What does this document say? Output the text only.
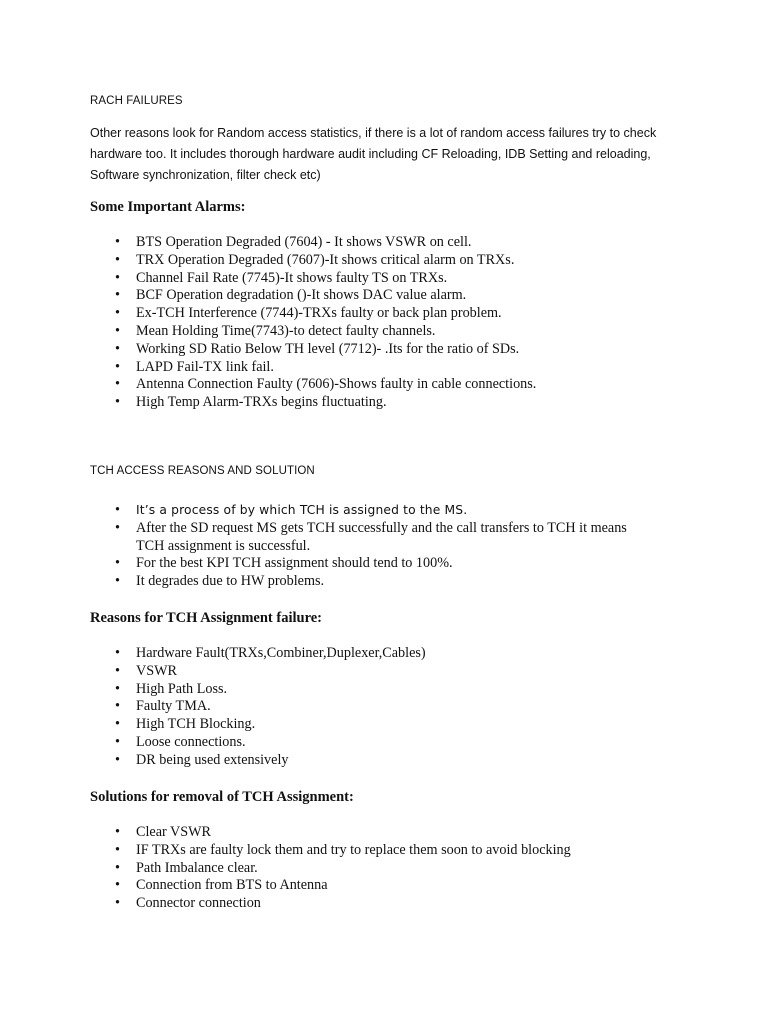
RACH FAILURES

Other reasons look for Random access statistics, if there is a lot of random access failures try to check

hardware too. It includes thorough hardware audit including CF Reloading, IDB Setting and reloading,

Software synchronization, filter check etc)

Some Important Alarms:
• BTS Operation Degraded (7604) - It shows VSWR on cell.
• TRX Operation Degraded (7607)-It shows critical alarm on TRXs.
• Channel Fail Rate (7745)-It shows faulty TS on TRXs.
• BCF Operation degradation ()-It shows DAC value alarm.
• Ex-TCH Interference (7744)-TRXs faulty or back plan problem.
• Mean Holding Time(7743)-to detect faulty channels.
• Working SD Ratio Below TH level (7712)- .Its for the ratio of SDs.
• LAPD Fail-TX link fail.
• Antenna Connection Faulty (7606)-Shows faulty in cable connections.
• High Temp Alarm-TRXs begins fluctuating.
TCH ACCESS REASONS AND SOLUTION
• It’s a process of by which TCH is assigned to the MS.
• After the SD request MS gets TCH successfully and the call transfers to TCH it means
TCH assignment is successful.
• For the best KPI TCH assignment should tend to 100%.
• It degrades due to HW problems.
Reasons for TCH Assignment failure:
• Hardware Fault(TRXs,Combiner,Duplexer,Cables)
• VSWR
• High Path Loss.
• Faulty TMA.
• High TCH Blocking.
• Loose connections.
• DR being used extensively
Solutions for removal of TCH Assignment:
• Clear VSWR
• IF TRXs are faulty lock them and try to replace them soon to avoid blocking
• Path Imbalance clear.
• Connection from BTS to Antenna
• Connector connection
